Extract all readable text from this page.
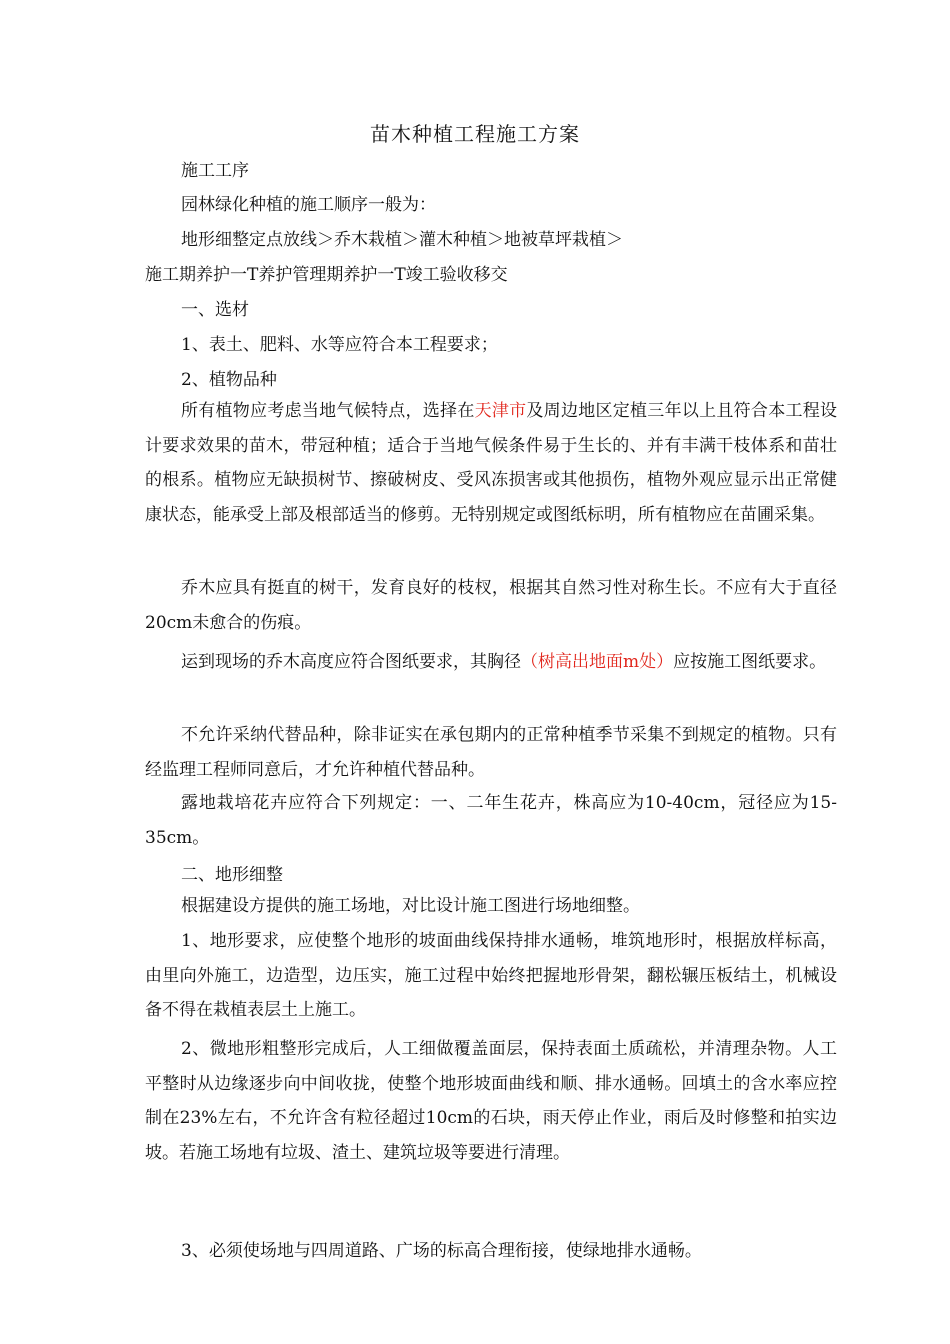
苗木种植工程施工方案
施工工序
园林绿化种植的施工顺序一般为：
地形细整定点放线＞乔木栽植＞灌木种植＞地被草坪栽植＞
施工期养护一T养护管理期养护一T竣工验收移交
一、选材
1、表土、肥料、水等应符合本工程要求；
2、植物品种
所有植物应考虑当地气候特点，选择在天津市及周边地区定植三年以上且符合本工程设计要求效果的苗木，带冠种植；适合于当地气候条件易于生长的、并有丰满干枝体系和苗壮的根系。植物应无缺损树节、擦破树皮、受风冻损害或其他损伤，植物外观应显示出正常健康状态，能承受上部及根部适当的修剪。无特别规定或图纸标明，所有植物应在苗圃采集。
乔木应具有挺直的树干，发育良好的枝杈，根据其自然习性对称生长。不应有大于直径20cm未愈合的伤痕。
运到现场的乔木高度应符合图纸要求，其胸径（树高出地面m处）应按施工图纸要求。
不允许采纳代替品种，除非证实在承包期内的正常种植季节采集不到规定的植物。只有经监理工程师同意后，才允许种植代替品种。
露地栽培花卉应符合下列规定：一、二年生花卉，株高应为10-40cm，冠径应为15-35cm。
二、地形细整
根据建设方提供的施工场地，对比设计施工图进行场地细整。
1、地形要求，应使整个地形的坡面曲线保持排水通畅，堆筑地形时，根据放样标高，由里向外施工，边造型，边压实，施工过程中始终把握地形骨架，翻松辗压板结土，机械设备不得在栽植表层土上施工。
2、微地形粗整形完成后，人工细做覆盖面层，保持表面土质疏松，并清理杂物。人工平整时从边缘逐步向中间收拢，使整个地形坡面曲线和顺、排水通畅。回填土的含水率应控制在23%左右，不允许含有粒径超过10cm的石块，雨天停止作业，雨后及时修整和拍实边坡。若施工场地有垃圾、渣土、建筑垃圾等要进行清理。
3、必须使场地与四周道路、广场的标高合理衔接，使绿地排水通畅。
